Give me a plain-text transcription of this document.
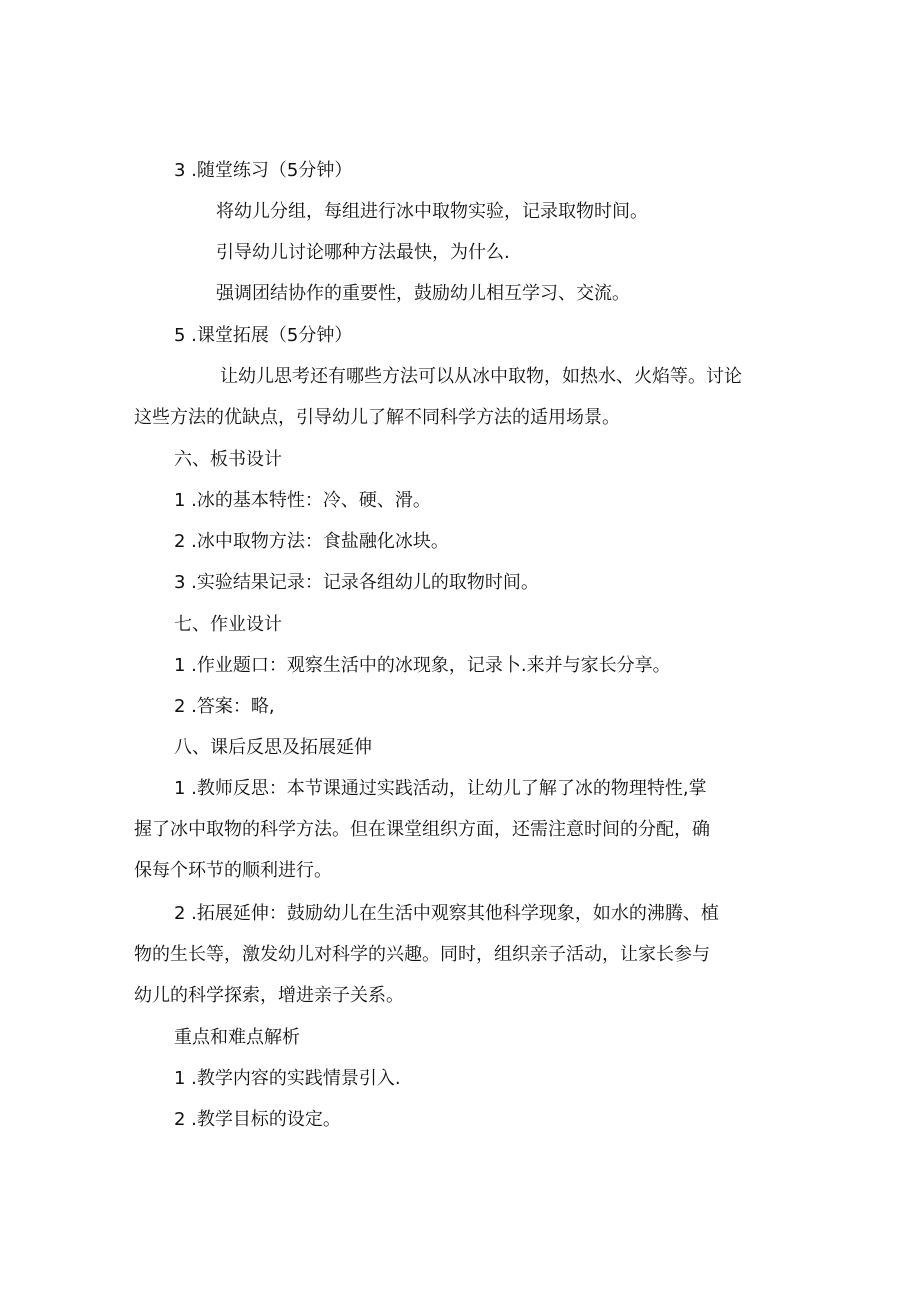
3 .随堂练习（5分钟）
将幼儿分组，每组进行冰中取物实验，记录取物时间。
引导幼儿讨论哪种方法最快，为什么.
强调团结协作的重要性，鼓励幼儿相互学习、交流。
5 .课堂拓展（5分钟）
让幼儿思考还有哪些方法可以从冰中取物，如热水、火焰等。讨论
这些方法的优缺点，引导幼儿了解不同科学方法的适用场景。
六、板书设计
1 .冰的基本特性：冷、硬、滑。
2 .冰中取物方法：食盐融化冰块。
3 .实验结果记录：记录各组幼儿的取物时间。
七、作业设计
1 .作业题口：观察生活中的冰现象，记录卜.来并与家长分享。
2 .答案：略,
八、课后反思及拓展延伸
1 .教师反思：本节课通过实践活动，让幼儿了解了冰的物理特性,掌
握了冰中取物的科学方法。但在课堂组织方面，还需注意时间的分配，确
保每个环节的顺利进行。
2 .拓展延伸：鼓励幼儿在生活中观察其他科学现象，如水的沸腾、植
物的生长等，激发幼儿对科学的兴趣。同时，组织亲子活动，让家长参与
幼儿的科学探索，增进亲子关系。
重点和难点解析
1 .教学内容的实践情景引入.
2 .教学目标的设定。
